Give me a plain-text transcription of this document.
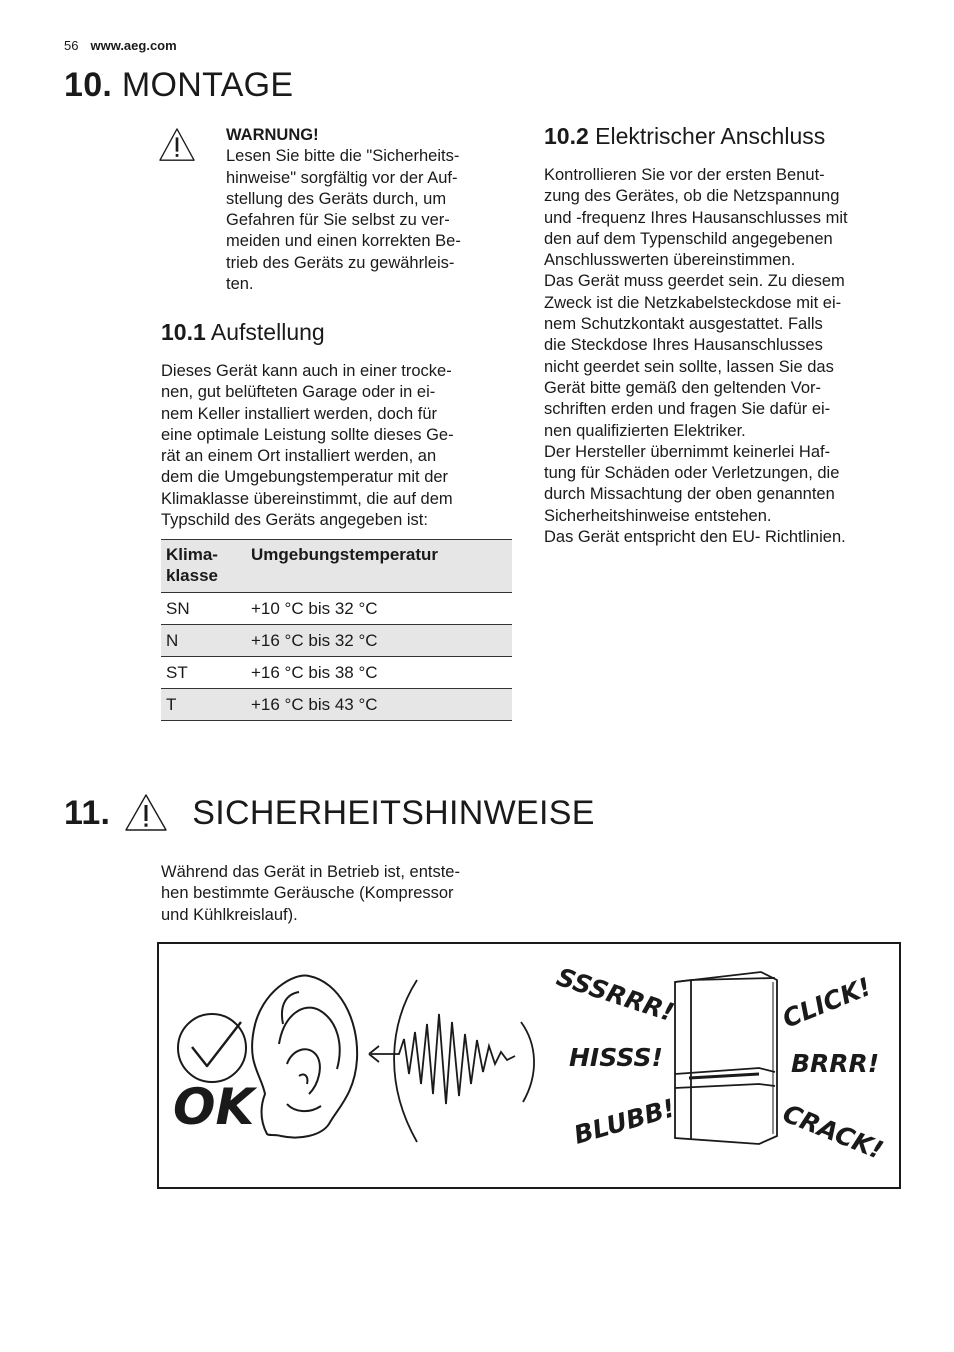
56 www.aeg.com
10. MONTAGE
WARNUNG!
Lesen Sie bitte die "Sicherheits-
hinweise" sorgfältig vor der Auf-
stellung des Geräts durch, um
Gefahren für Sie selbst zu ver-
meiden und einen korrekten Be-
trieb des Geräts zu gewährleis-
ten.
10.1 Aufstellung
Dieses Gerät kann auch in einer trocke-
nen, gut belüfteten Garage oder in ei-
nem Keller installiert werden, doch für
eine optimale Leistung sollte dieses Ge-
rät an einem Ort installiert werden, an
dem die Umgebungstemperatur mit der
Klimaklasse übereinstimmt, die auf dem
Typschild des Geräts angegeben ist:
Klima-
klasse	Umgebungstemperatur
SN	+10 °C bis 32 °C
N	+16 °C bis 32 °C
ST	+16 °C bis 38 °C
T	+16 °C bis 43 °C
10.2 Elektrischer Anschluss
Kontrollieren Sie vor der ersten Benut-
zung des Gerätes, ob die Netzspannung
und -frequenz Ihres Hausanschlusses mit
den auf dem Typenschild angegebenen
Anschlusswerten übereinstimmen.
Das Gerät muss geerdet sein. Zu diesem
Zweck ist die Netzkabelsteckdose mit ei-
nem Schutzkontakt ausgestattet. Falls
die Steckdose Ihres Hausanschlusses
nicht geerdet sein sollte, lassen Sie das
Gerät bitte gemäß den geltenden Vor-
schriften erden und fragen Sie dafür ei-
nen qualifizierten Elektriker.
Der Hersteller übernimmt keinerlei Haf-
tung für Schäden oder Verletzungen, die
durch Missachtung der oben genannten
Sicherheitshinweise entstehen.
Das Gerät entspricht den EU- Richtlinien.
11. SICHERHEITSHINWEISE
Während das Gerät in Betrieb ist, entste-
hen bestimmte Geräusche (Kompressor
und Kühlkreislauf).
OK
SSSRRR!
HISSS!
BLUBB!
CLICK!
BRRR!
CRACK!
